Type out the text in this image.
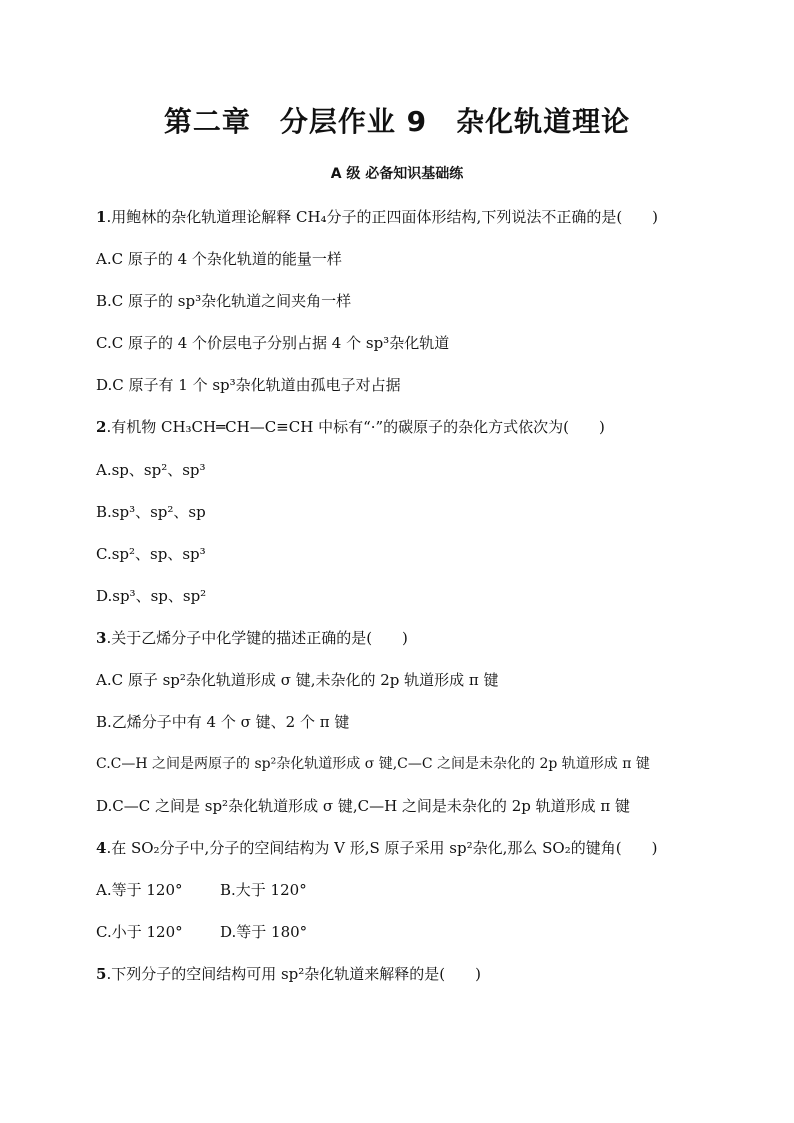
第二章　分层作业 9　杂化轨道理论
A 级 必备知识基础练
1.用鲍林的杂化轨道理论解释 CH₄分子的正四面体形结构,下列说法不正确的是(　　)
A.C 原子的 4 个杂化轨道的能量一样
B.C 原子的 sp³杂化轨道之间夹角一样
C.C 原子的 4 个价层电子分别占据 4 个 sp³杂化轨道
D.C 原子有 1 个 sp³杂化轨道由孤电子对占据
2.有机物 CH₃CH═CH—C≡CH 中标有“·”的碳原子的杂化方式依次为(　　)
A.sp、sp²、sp³
B.sp³、sp²、sp
C.sp²、sp、sp³
D.sp³、sp、sp²
3.关于乙烯分子中化学键的描述正确的是(　　)
A.C 原子 sp²杂化轨道形成 σ 键,未杂化的 2p 轨道形成 π 键
B.乙烯分子中有 4 个 σ 键、2 个 π 键
C.C—H 之间是两原子的 sp²杂化轨道形成 σ 键,C—C 之间是未杂化的 2p 轨道形成 π 键
D.C—C 之间是 sp²杂化轨道形成 σ 键,C—H 之间是未杂化的 2p 轨道形成 π 键
4.在 SO₂分子中,分子的空间结构为 V 形,S 原子采用 sp²杂化,那么 SO₂的键角(　　)
A.等于 120°	B.大于 120°
C.小于 120° D.等于 180°
5.下列分子的空间结构可用 sp²杂化轨道来解释的是(　　)
